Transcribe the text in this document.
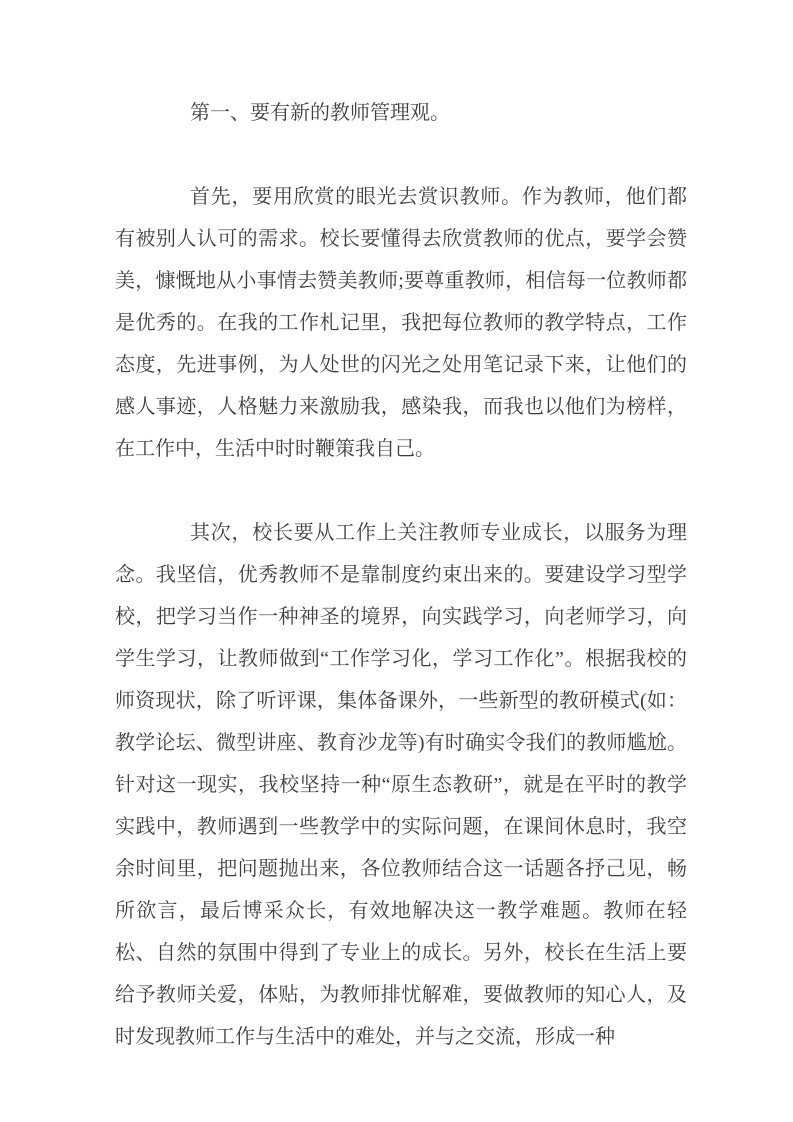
第一、要有新的教师管理观。

首先，要用欣赏的眼光去赏识教师。作为教师，他们都有被别人认可的需求。校长要懂得去欣赏教师的优点，要学会赞美，慷慨地从小事情去赞美教师;要尊重教师，相信每一位教师都是优秀的。在我的工作札记里，我把每位教师的教学特点，工作态度，先进事例，为人处世的闪光之处用笔记录下来，让他们的感人事迹，人格魅力来激励我，感染我，而我也以他们为榜样，在工作中，生活中时时鞭策我自己。

其次，校长要从工作上关注教师专业成长，以服务为理念。我坚信，优秀教师不是靠制度约束出来的。要建设学习型学校，把学习当作一种神圣的境界，向实践学习，向老师学习，向学生学习，让教师做到“工作学习化，学习工作化”。根据我校的师资现状，除了听评课，集体备课外，一些新型的教研模式(如：教学论坛、微型讲座、教育沙龙等)有时确实令我们的教师尴尬。针对这一现实，我校坚持一种“原生态教研”，就是在平时的教学实践中，教师遇到一些教学中的实际问题，在课间休息时，我空余时间里，把问题抛出来，各位教师结合这一话题各抒己见，畅所欲言，最后博采众长，有效地解决这一教学难题。教师在轻松、自然的氛围中得到了专业上的成长。另外，校长在生活上要给予教师关爱，体贴，为教师排忧解难，要做教师的知心人，及时发现教师工作与生活中的难处，并与之交流，形成一种
